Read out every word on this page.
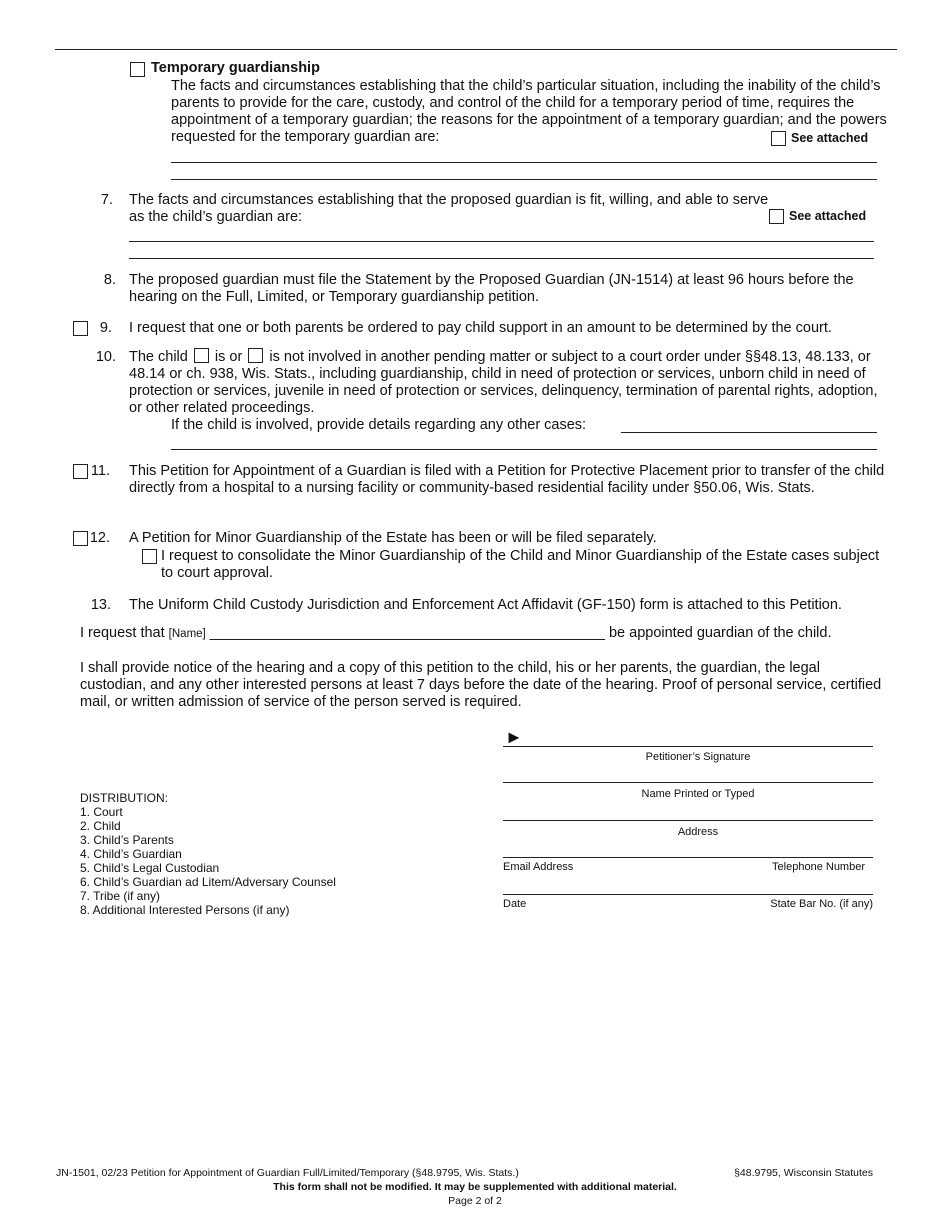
Temporary guardianship
The facts and circumstances establishing that the child’s particular situation, including the inability of the child’s parents to provide for the care, custody, and control of the child for a temporary period of time, requires the appointment of a temporary guardian; the reasons for the appointment of a temporary guardian; and the powers requested for the temporary guardian are:	See attached
7. The facts and circumstances establishing that the proposed guardian is fit, willing, and able to serve as the child’s guardian are:	See attached
8. The proposed guardian must file the Statement by the Proposed Guardian (JN-1514) at least 96 hours before the hearing on the Full, Limited, or Temporary guardianship petition.
9. I request that one or both parents be ordered to pay child support in an amount to be determined by the court.
10. The child is or is not involved in another pending matter or subject to a court order under §§48.13, 48.133, or 48.14 or ch. 938, Wis. Stats., including guardianship, child in need of protection or services, unborn child in need of protection or services, juvenile in need of protection or services, delinquency, termination of parental rights, adoption, or other related proceedings.
If the child is involved, provide details regarding any other cases:
11. This Petition for Appointment of a Guardian is filed with a Petition for Protective Placement prior to transfer of the child directly from a hospital to a nursing facility or community-based residential facility under §50.06, Wis. Stats.
12. A Petition for Minor Guardianship of the Estate has been or will be filed separately.
I request to consolidate the Minor Guardianship of the Child and Minor Guardianship of the Estate cases subject to court approval.
13. The Uniform Child Custody Jurisdiction and Enforcement Act Affidavit (GF-150) form is attached to this Petition.
I request that [Name] _________________________________________________ be appointed guardian of the child.
I shall provide notice of the hearing and a copy of this petition to the child, his or her parents, the guardian, the legal custodian, and any other interested persons at least 7 days before the date of the hearing. Proof of personal service, certified mail, or written admission of service of the person served is required.
►
Petitioner’s Signature
Name Printed or Typed
Address
Email Address	Telephone Number
Date	State Bar No. (if any)
DISTRIBUTION:
1. Court
2. Child
3. Child’s Parents
4. Child’s Guardian
5. Child’s Legal Custodian
6. Child’s Guardian ad Litem/Adversary Counsel
7. Tribe (if any)
8. Additional Interested Persons (if any)
JN-1501, 02/23 Petition for Appointment of Guardian Full/Limited/Temporary (§48.9795, Wis. Stats.)	§48.9795, Wisconsin Statutes
This form shall not be modified. It may be supplemented with additional material.
Page 2 of 2
